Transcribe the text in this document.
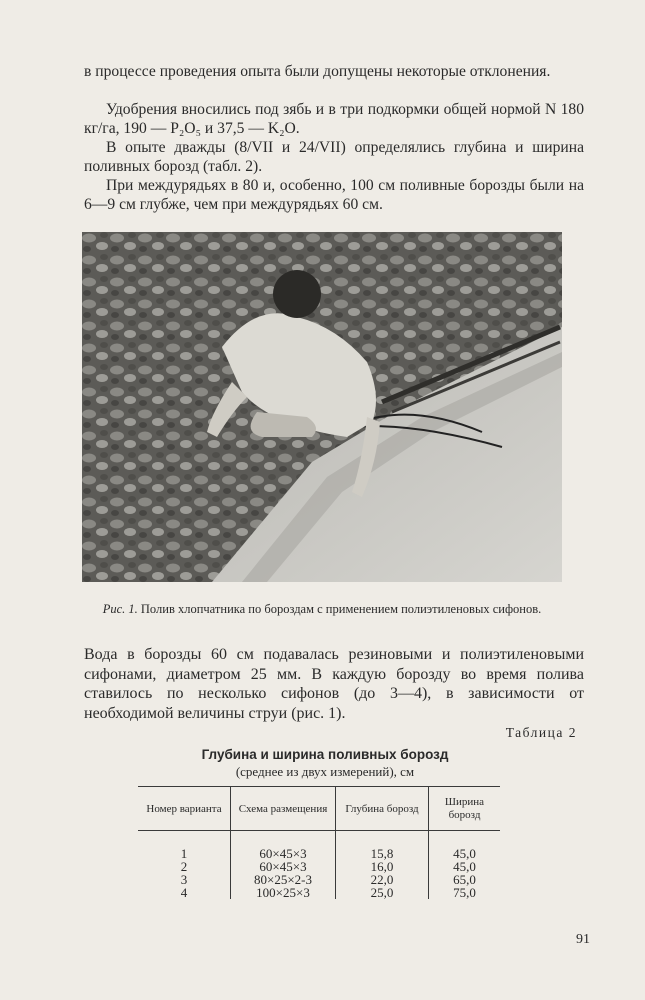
в процессе проведения опыта были допущены некоторые отклонения.

Удобрения вносились под зябь и в три подкормки общей нормой N 180 кг/га, 190 — P₂O₅ и 37,5 — K₂O.

В опыте дважды (8/VII и 24/VII) определялись глубина и ширина поливных борозд (табл. 2).

При междурядьях в 80 и, особенно, 100 см поливные борозды были на 6—9 см глубже, чем при междурядьях 60 см.

Рис. 1. Полив хлопчатника по бороздам с применением полиэтиленовых сифонов.

Вода в борозды 60 см подавалась резиновыми и полиэтиленовыми сифонами, диаметром 25 мм. В каждую борозду во время полива ставилось по несколько сифонов (до 3—4), в зависимости от необходимой величины струи (рис. 1).

Таблица 2
Глубина и ширина поливных борозд
(среднее из двух измерений), см
Номер варианта	Схема размещения	Глубина борозд	Ширина борозд
1	60×45×3	15,8	45,0
2	60×45×3	16,0	45,0
3	80×25×2-3	22,0	65,0
4	100×25×3	25,0	75,0
91
